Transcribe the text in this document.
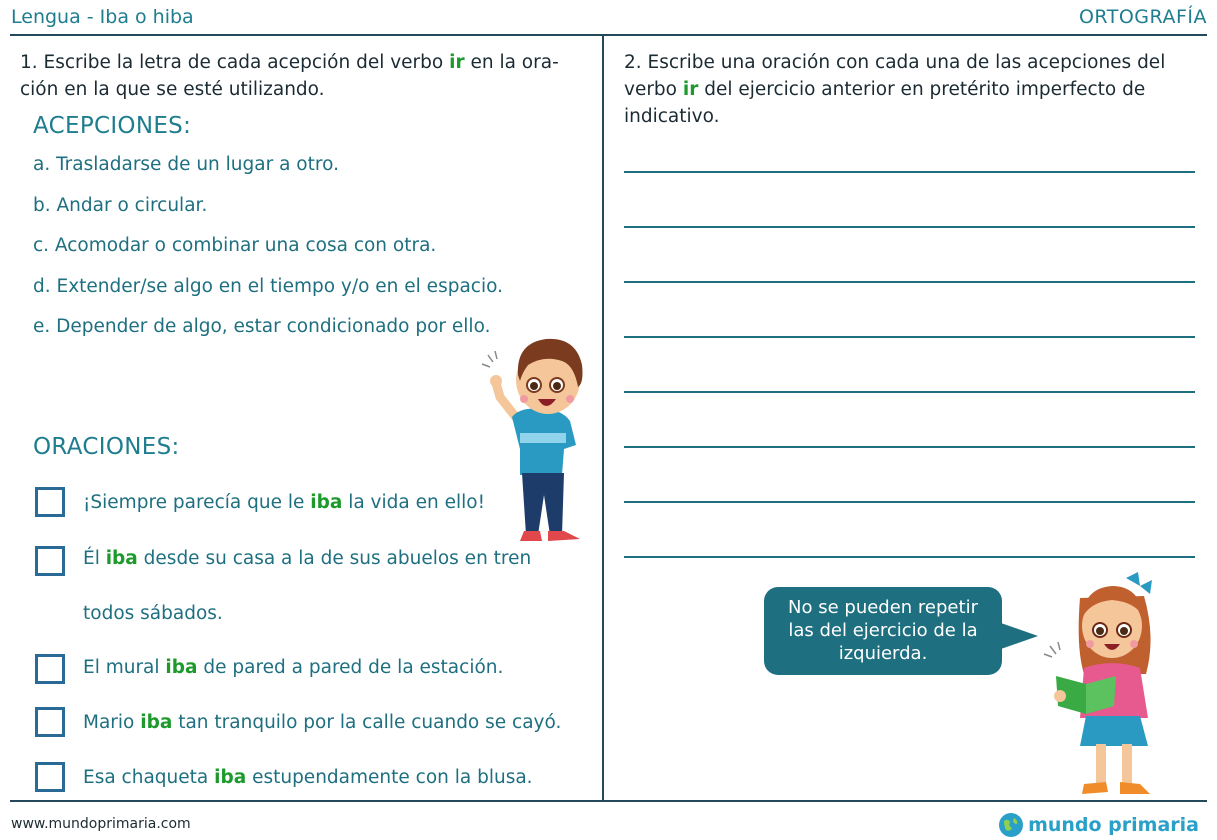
Lengua - Iba o hiba	ORTOGRAFÍA
1. Escribe la letra de cada acepción del verbo ir en la ora-
ción en la que se esté utilizando.
ACEPCIONES:
a. Trasladarse de un lugar a otro.
b. Andar o circular.
c. Acomodar o combinar una cosa con otra.
d. Extender/se algo en el tiempo y/o en el espacio.
e. Depender de algo, estar condicionado por ello.
ORACIONES:
¡Siempre parecía que le iba la vida en ello!
Él iba desde su casa a la de sus abuelos en tren
todos sábados.
El mural iba de pared a pared de la estación.
Mario iba tan tranquilo por la calle cuando se cayó.
Esa chaqueta iba estupendamente con la blusa.
2. Escribe una oración con cada una de las acepciones del
verbo ir del ejercicio anterior en pretérito imperfecto de
indicativo.
No se pueden repetir
las del ejercicio de la
izquierda.
www.mundoprimaria.com	mundo primaria
